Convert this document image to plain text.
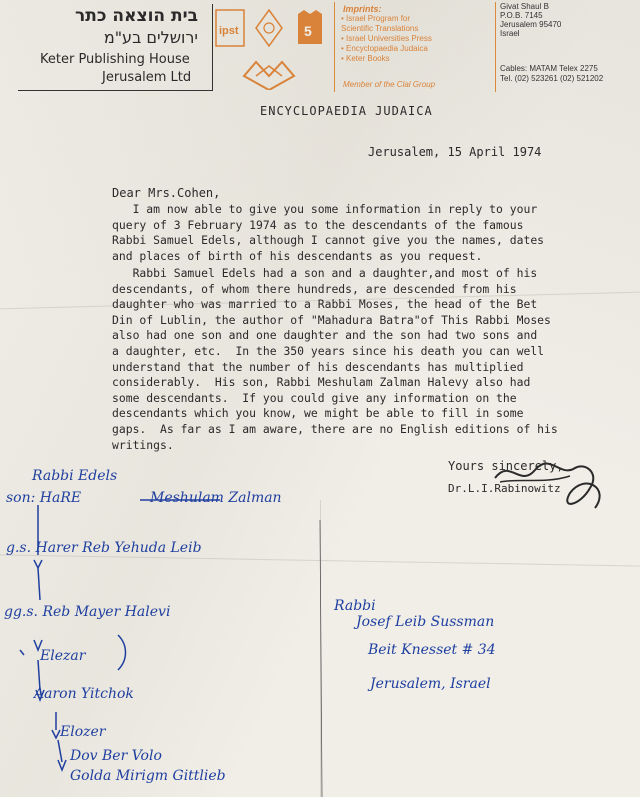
בית הוצאה כתר
ירושלים בע"מ
Keter Publishing House
Jerusalem Ltd
ipst	5
Imprints:
• Israel Program for
Scientific Translations
• Israel Universities Press
• Encyclopaedia Judaica
• Keter Books
Member of the Clal Group
Givat Shaul B
P.O.B. 7145
Jerusalem 95470
Israel
Cables: MATAM Telex 2275
Tel. (02) 523261 (02) 521202
ENCYCLOPAEDIA JUDAICA
Jerusalem, 15 April 1974
Dear Mrs.Cohen,
I am now able to give you some information in reply to your
query of 3 February 1974 as to the descendants of the famous
Rabbi Samuel Edels, although I cannot give you the names, dates
and places of birth of his descendants as you request.
Rabbi Samuel Edels had a son and a daughter,and most of his
descendants, of whom there hundreds, are descended from his
daughter who was married to a Rabbi Moses, the head of the Bet
Din of Lublin, the author of "Mahadura Batra"of This Rabbi Moses
also had one son and one daughter and the son had two sons and
a daughter, etc.  In the 350 years since his death you can well
understand that the number of his descendants has multiplied
considerably.  His son, Rabbi Meshulam Zalman Halevy also had
some descendants.  If you could give any information on the
descendants which you know, we might be able to fill in some
gaps.  As far as I am aware, there are no English editions of his
writings.
Yours sincerely,
Dr.L.I.Rabinowitz
Rabbi Edels
son: HaRE	Meshulam Zalman
g.s. Harer Reb Yehuda Leib
gg.s. Reb Mayer Halevi
Elezar
Aaron Yitchok
Elozer
Dov Ber Volo
Golda Mirigm Gittlieb
Rabbi
Josef Leib Sussman
Beit Knesset # 34
Jerusalem, Israel
